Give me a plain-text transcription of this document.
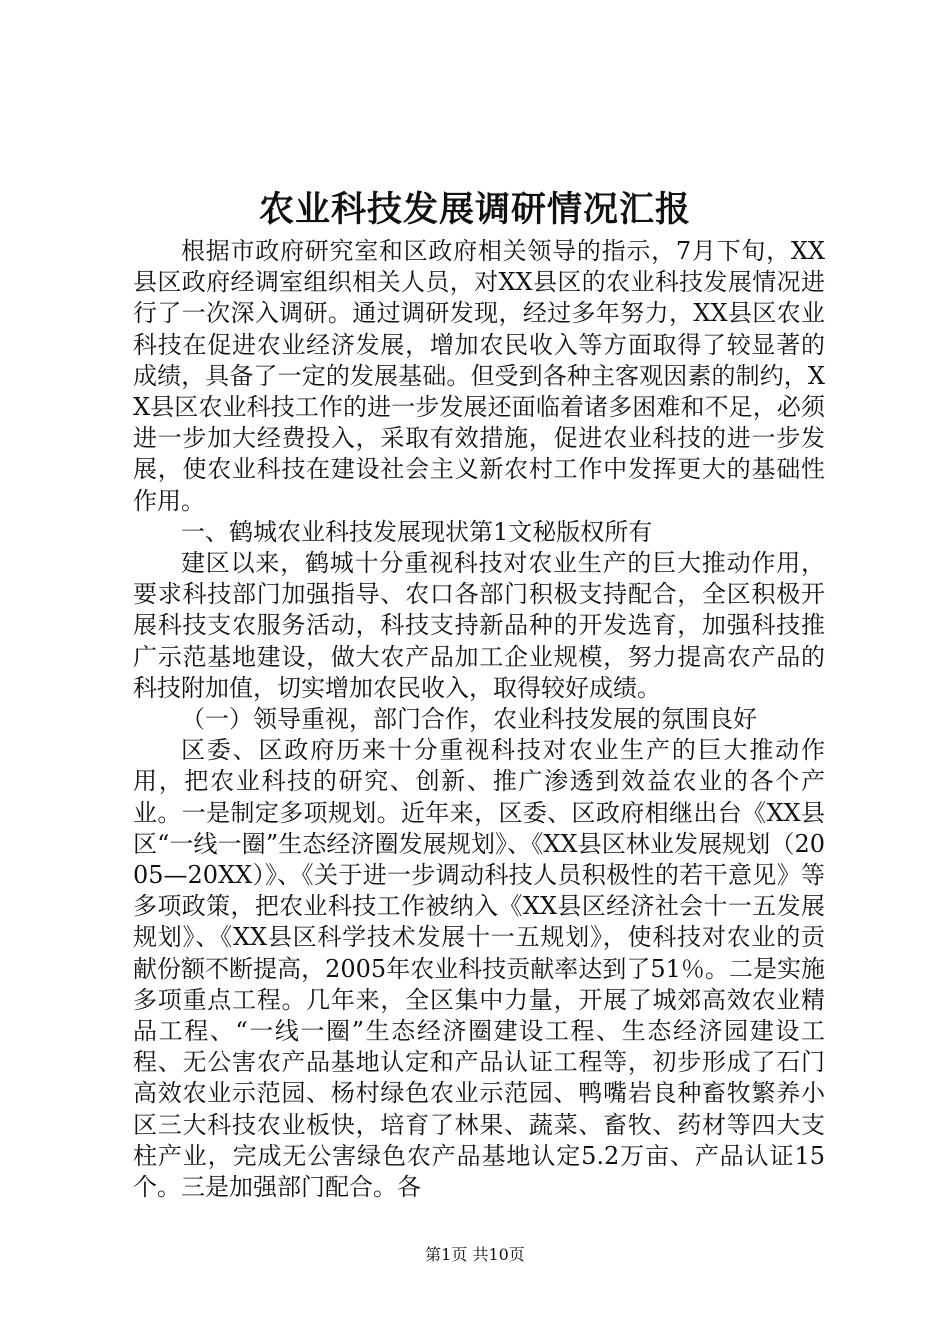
农业科技发展调研情况汇报

根据市政府研究室和区政府相关领导的指示，7月下旬，XX县区政府经调室组织相关人员，对XX县区的农业科技发展情况进行了一次深入调研。通过调研发现，经过多年努力，XX县区农业科技在促进农业经济发展，增加农民收入等方面取得了较显著的成绩，具备了一定的发展基础。但受到各种主客观因素的制约，XX县区农业科技工作的进一步发展还面临着诸多困难和不足，必须进一步加大经费投入，采取有效措施，促进农业科技的进一步发展，使农业科技在建设社会主义新农村工作中发挥更大的基础性作用。

一、鹤城农业科技发展现状第1文秘版权所有

建区以来，鹤城十分重视科技对农业生产的巨大推动作用，要求科技部门加强指导、农口各部门积极支持配合，全区积极开展科技支农服务活动，科技支持新品种的开发选育，加强科技推广示范基地建设，做大农产品加工企业规模，努力提高农产品的科技附加值，切实增加农民收入，取得较好成绩。

（一）领导重视，部门合作，农业科技发展的氛围良好

区委、区政府历来十分重视科技对农业生产的巨大推动作用，把农业科技的研究、创新、推广渗透到效益农业的各个产业。一是制定多项规划。近年来，区委、区政府相继出台《XX县区“一线一圈”生态经济圈发展规划》、《XX县区林业发展规划（2005—20XX）》、《关于进一步调动科技人员积极性的若干意见》等多项政策，把农业科技工作被纳入《XX县区经济社会十一五发展规划》、《XX县区科学技术发展十一五规划》，使科技对农业的贡献份额不断提高，2005年农业科技贡献率达到了51％。二是实施多项重点工程。几年来，全区集中力量，开展了城郊高效农业精品工程、“一线一圈”生态经济圈建设工程、生态经济园建设工程、无公害农产品基地认定和产品认证工程等，初步形成了石门高效农业示范园、杨村绿色农业示范园、鸭嘴岩良种畜牧繁养小区三大科技农业板快，培育了林果、蔬菜、畜牧、药材等四大支柱产业，完成无公害绿色农产品基地认定5.2万亩、产品认证15个。三是加强部门配合。各

第1页 共10页
